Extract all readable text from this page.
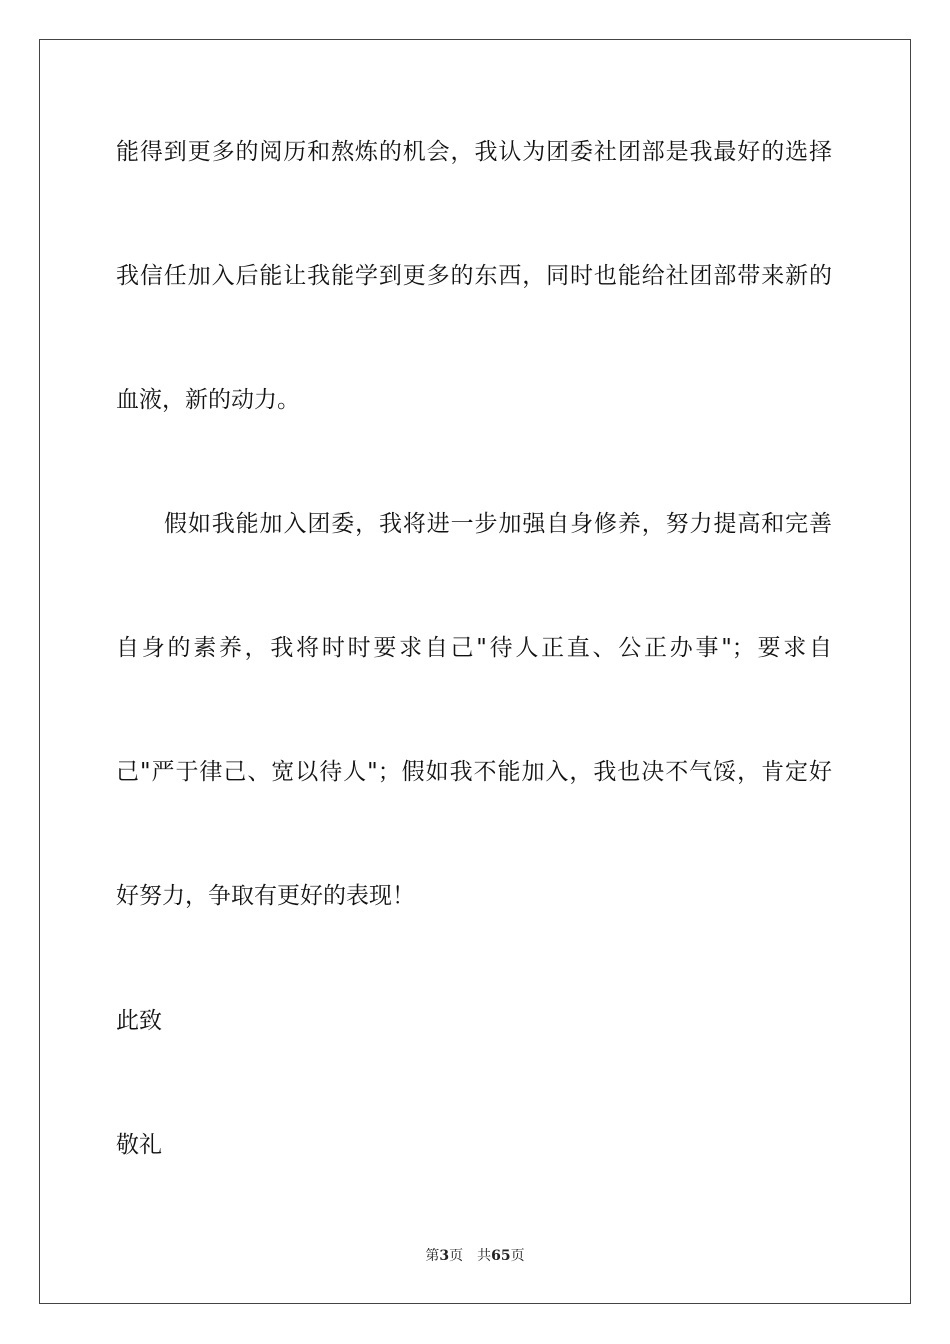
能得到更多的阅历和熬炼的机会，我认为团委社团部是我最好的选择
我信任加入后能让我能学到更多的东西，同时也能给社团部带来新的
血液，新的动力。
假如我能加入团委，我将进一步加强自身修养，努力提高和完善
自身的素养，我将时时要求自己"待人正直、公正办事"；要求自
己"严于律己、宽以待人"；假如我不能加入，我也决不气馁，肯定好
好努力，争取有更好的表现！
此致
敬礼
第3页 共65页
